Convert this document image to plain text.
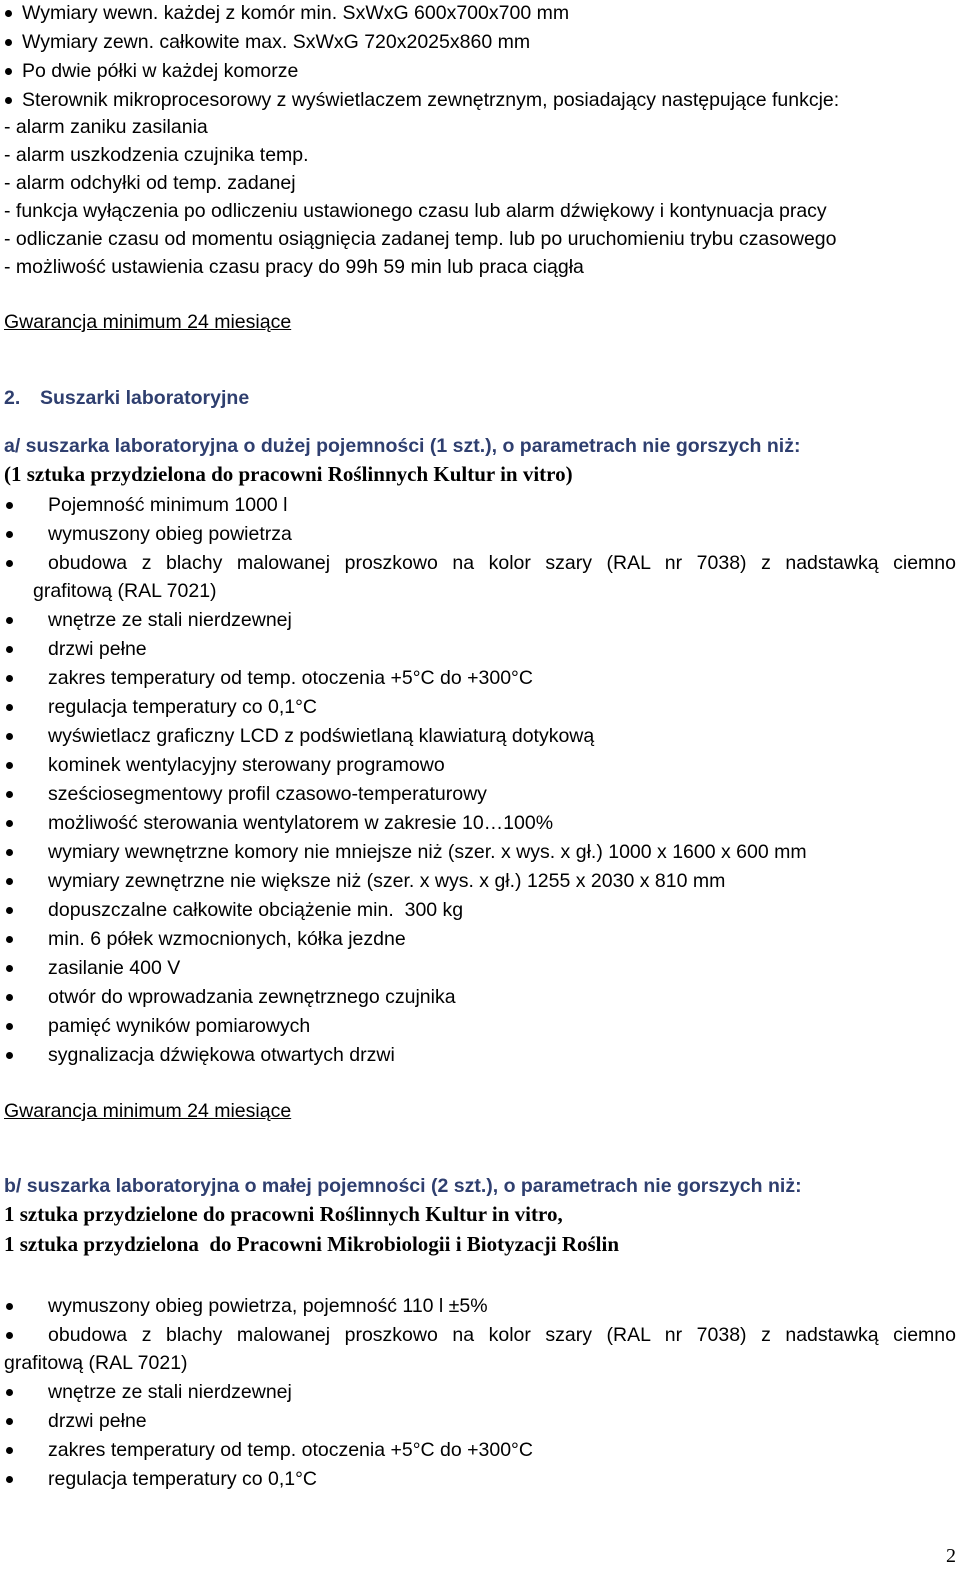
Wymiary wewn. każdej z komór min. SxWxG 600x700x700 mm
Wymiary zewn. całkowite max. SxWxG 720x2025x860 mm
Po dwie półki w każdej komorze
Sterownik mikroprocesorowy z wyświetlaczem zewnętrznym, posiadający następujące funkcje:
- alarm zaniku zasilania
- alarm uszkodzenia czujnika temp.
- alarm odchyłki od temp. zadanej
- funkcja wyłączenia po odliczeniu ustawionego czasu lub alarm dźwiękowy i kontynuacja pracy
- odliczanie czasu od momentu osiągnięcia zadanej temp. lub po uruchomieniu trybu czasowego
- możliwość ustawienia czasu pracy do 99h 59 min lub praca ciągła
Gwarancja minimum 24 miesiące
2. Suszarki laboratoryjne
a/ suszarka laboratoryjna o dużej pojemności (1 szt.), o parametrach nie gorszych niż:
(1 sztuka przydzielona do pracowni Roślinnych Kultur in vitro)
Pojemność minimum 1000 l
wymuszony obieg powietrza
obudowa z blachy malowanej proszkowo na kolor szary (RAL nr 7038) z nadstawką ciemno
grafitową (RAL 7021)
wnętrze ze stali nierdzewnej
drzwi pełne
zakres temperatury od temp. otoczenia +5°C do +300°C
regulacja temperatury co 0,1°C
wyświetlacz graficzny LCD z podświetlaną klawiaturą dotykową
kominek wentylacyjny sterowany programowo
sześciosegmentowy profil czasowo-temperaturowy
możliwość sterowania wentylatorem w zakresie 10…100%
wymiary wewnętrzne komory nie mniejsze niż (szer. x wys. x gł.) 1000 x 1600 x 600 mm
wymiary zewnętrzne nie większe niż (szer. x wys. x gł.) 1255 x 2030 x 810 mm
dopuszczalne całkowite obciążenie min.  300 kg
min. 6 półek wzmocnionych, kółka jezdne
zasilanie 400 V
otwór do wprowadzania zewnętrznego czujnika
pamięć wyników pomiarowych
sygnalizacja dźwiękowa otwartych drzwi
Gwarancja minimum 24 miesiące
b/ suszarka laboratoryjna o małej pojemności (2 szt.), o parametrach nie gorszych niż:
1 sztuka przydzielone do pracowni Roślinnych Kultur in vitro,
1 sztuka przydzielona  do Pracowni Mikrobiologii i Biotyzacji Roślin
wymuszony obieg powietrza, pojemność 110 l ±5%
obudowa z blachy malowanej proszkowo na kolor szary (RAL nr 7038) z nadstawką ciemno
grafitową (RAL 7021)
wnętrze ze stali nierdzewnej
drzwi pełne
zakres temperatury od temp. otoczenia +5°C do +300°C
regulacja temperatury co 0,1°C
2
